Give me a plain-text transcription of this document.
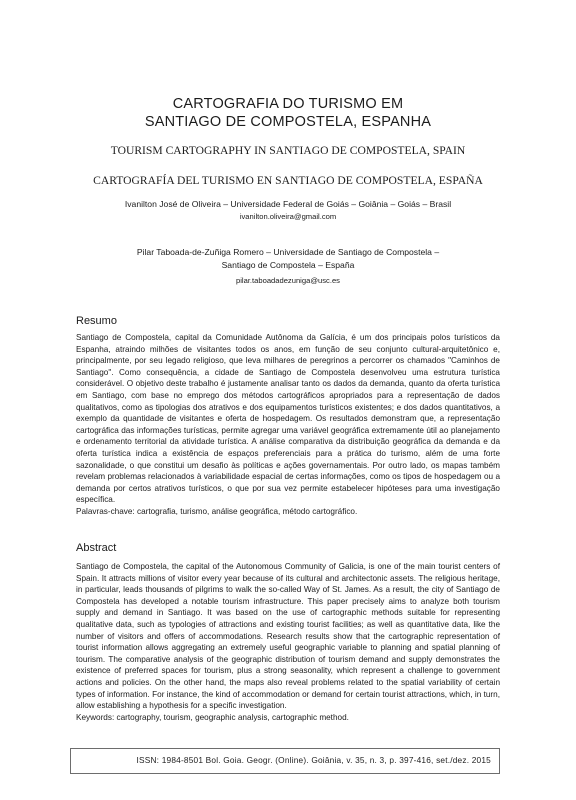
CARTOGRAFIA DO TURISMO EM
SANTIAGO DE COMPOSTELA, ESPANHA
TOURISM CARTOGRAPHY IN SANTIAGO DE COMPOSTELA, SPAIN
CARTOGRAFÍA DEL TURISMO EN SANTIAGO DE COMPOSTELA, ESPAÑA
Ivanilton José de Oliveira – Universidade Federal de Goiás – Goiânia – Goiás – Brasil
ivanilton.oliveira@gmail.com
Pilar Taboada-de-Zuñiga Romero – Universidade de Santiago de Compostela –
Santiago de Compostela – España
pilar.taboadadezuniga@usc.es
Resumo
Santiago de Compostela, capital da Comunidade Autônoma da Galícia, é um dos principais polos turísticos da Espanha, atraindo milhões de visitantes todos os anos, em função de seu conjunto cultural-arquitetônico e, principalmente, por seu legado religioso, que leva milhares de peregrinos a percorrer os chamados "Caminhos de Santiago". Como consequência, a cidade de Santiago de Compostela desenvolveu uma estrutura turística considerável. O objetivo deste trabalho é justamente analisar tanto os dados da demanda, quanto da oferta turística em Santiago, com base no emprego dos métodos cartográficos apropriados para a representação de dados qualitativos, como as tipologias dos atrativos e dos equipamentos turísticos existentes; e dos dados quantitativos, a exemplo da quantidade de visitantes e oferta de hospedagem. Os resultados demonstram que, a representação cartográfica das informações turísticas, permite agregar uma variável geográfica extremamente útil ao planejamento e ordenamento territorial da atividade turística. A análise comparativa da distribuição geográfica da demanda e da oferta turística indica a existência de espaços preferenciais para a prática do turismo, além de uma forte sazonalidade, o que constitui um desafio às políticas e ações governamentais. Por outro lado, os mapas também revelam problemas relacionados à variabilidade espacial de certas informações, como os tipos de hospedagem ou a demanda por certos atrativos turísticos, o que por sua vez permite estabelecer hipóteses para uma investigação específica.
Palavras-chave: cartografia, turismo, análise geográfica, método cartográfico.
Abstract
Santiago de Compostela, the capital of the Autonomous Community of Galicia, is one of the main tourist centers of Spain. It attracts millions of visitor every year because of its cultural and architectonic assets. The religious heritage, in particular, leads thousands of pilgrims to walk the so-called Way of St. James. As a result, the city of Santiago de Compostela has developed a notable tourism infrastructure. This paper precisely aims to analyze both tourism supply and demand in Santiago. It was based on the use of cartographic methods suitable for representing qualitative data, such as typologies of attractions and existing tourist facilities; as well as quantitative data, like the number of visitors and offers of accommodations. Research results show that the cartographic representation of tourist information allows aggregating an extremely useful geographic variable to planning and spatial planning of tourism. The comparative analysis of the geographic distribution of tourism demand and supply demonstrates the existence of preferred spaces for tourism, plus a strong seasonality, which represent a challenge to government actions and policies. On the other hand, the maps also reveal problems related to the spatial variability of certain types of information. For instance, the kind of accommodation or demand for certain tourist attractions, which, in turn, allow establishing a hypothesis for a specific investigation.
Keywords: cartography, tourism, geographic analysis, cartographic method.
ISSN: 1984-8501 Bol. Goia. Geogr. (Online). Goiânia, v. 35, n. 3, p. 397-416, set./dez. 2015
